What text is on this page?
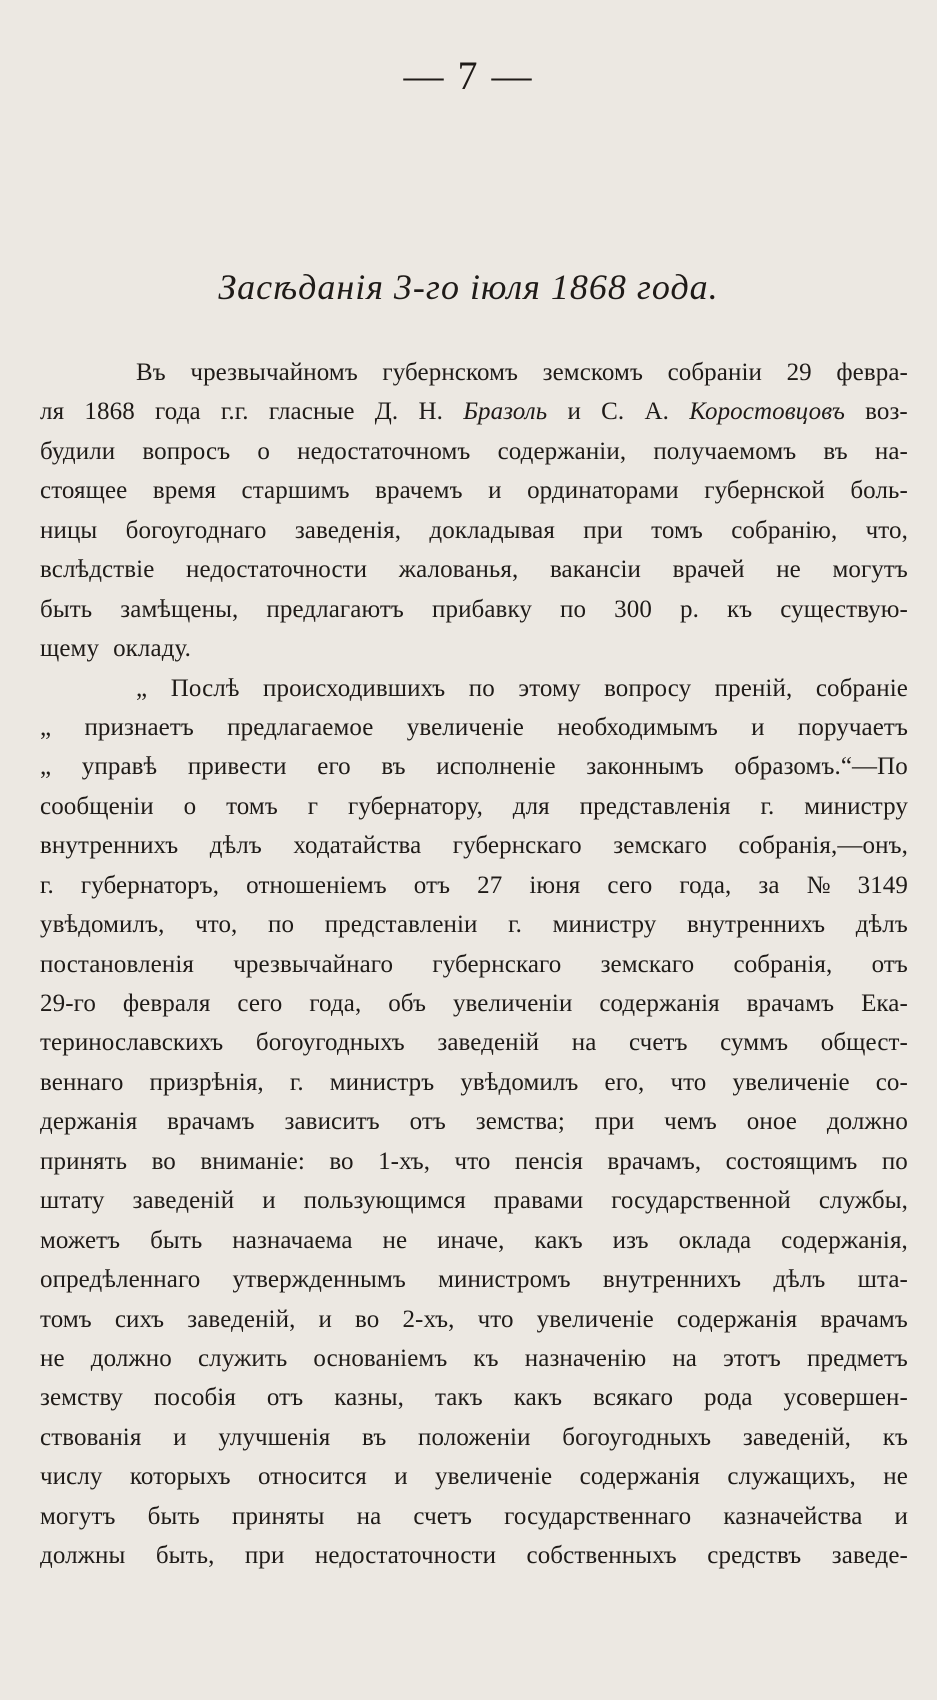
— 7 —
Засѣданія 3-го іюля 1868 года.
Въ чрезвычайномъ губернскомъ земскомъ собраніи 29 февра-
ля 1868 года г.г. гласные Д. Н. Бразоль и С. А. Коростовцовъ воз-
будили вопросъ о недостаточномъ содержаніи, получаемомъ въ на-
стоящее время старшимъ врачемъ и ординаторами губернской боль-
ницы богоугоднаго заведенія, докладывая при томъ собранію, что,
вслѣдствіе недостаточности жалованья, вакансіи врачей не могутъ
быть замѣщены, предлагаютъ прибавку по 300 р. къ существую-
щему окладу.
„ Послѣ происходившихъ по этому вопросу преній, собраніе
„ признаетъ предлагаемое увеличеніе необходимымъ и поручаетъ
„ управѣ привести его въ исполненіе законнымъ образомъ.“—По
сообщеніи о томъ г губернатору, для представленія г. министру
внутреннихъ дѣлъ ходатайства губернскаго земскаго собранія,—онъ,
г. губернаторъ, отношеніемъ отъ 27 іюня сего года, за № 3149
увѣдомилъ, что, по представленіи г. министру внутреннихъ дѣлъ
постановленія чрезвычайнаго губернскаго земскаго собранія, отъ
29-го февраля сего года, объ увеличеніи содержанія врачамъ Ека-
теринославскихъ богоугодныхъ заведеній на счетъ суммъ общест-
веннаго призрѣнія, г. министръ увѣдомилъ его, что увеличеніе со-
держанія врачамъ зависитъ отъ земства; при чемъ оное должно
принять во вниманіе: во 1-хъ, что пенсія врачамъ, состоящимъ по
штату заведеній и пользующимся правами государственной службы,
можетъ быть назначаема не иначе, какъ изъ оклада содержанія,
опредѣленнаго утвержденнымъ министромъ внутреннихъ дѣлъ шта-
томъ сихъ заведеній, и во 2-хъ, что увеличеніе содержанія врачамъ
не должно служить основаніемъ къ назначенію на этотъ предметъ
земству пособія отъ казны, такъ какъ всякаго рода усовершен-
ствованія и улучшенія въ положеніи богоугодныхъ заведеній, къ
числу которыхъ относится и увеличеніе содержанія служащихъ, не
могутъ быть приняты на счетъ государственнаго казначейства и
должны быть, при недостаточности собственныхъ средствъ заведе-
